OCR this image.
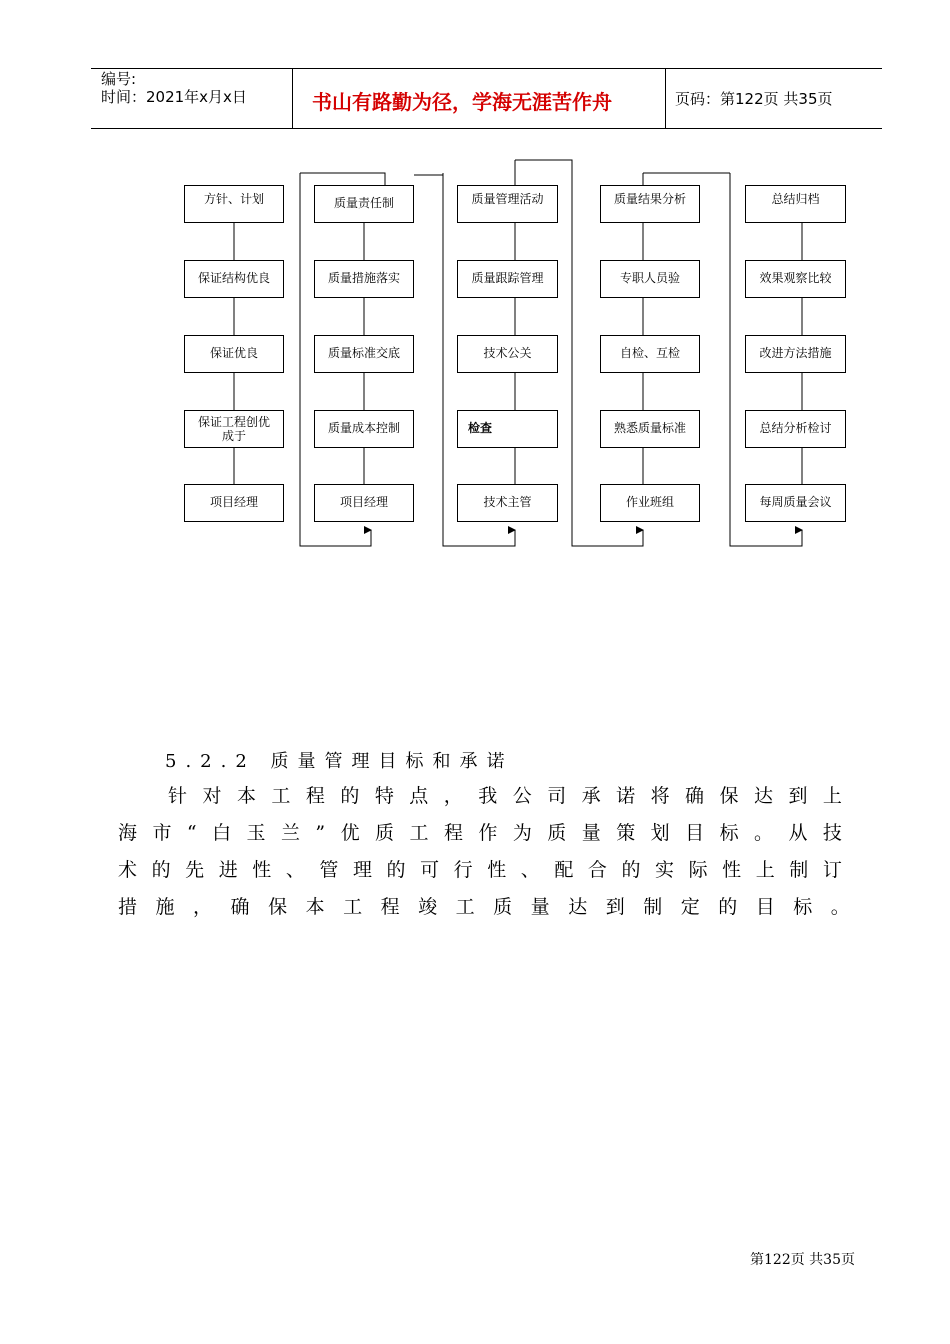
编号:
时间：2021年x月x日	书山有路勤为径，学海无涯苦作舟	页码：第122页 共35页
方针、计划
保证结构优良
保证优良
保证工程创优成于
项目经理
质量责任制
质量措施落实
质量标准交底
质量成本控制
项目经理
质量管理活动
质量跟踪管理
技术公关
检查
技术主管
质量结果分析
专职人员验
自检、互检
熟悉质量标准
作业班组
总结归档
效果观察比较
改进方法措施
总结分析检讨
每周质量会议
5.2.2 质量管理目标和承诺
针 对 本 工 程 的 特 点 ， 我 公 司 承 诺 将 确 保 达 到 上
海 市 “ 白 玉 兰 ” 优 质 工 程 作 为 质 量 策 划 目 标 。 从 技
术 的 先 进 性 、 管 理 的 可 行 性 、 配 合 的 实 际 性 上 制 订
措 施 ， 确 保 本 工 程 竣 工 质 量 达 到 制 定 的 目 标 。
第122页 共35页
